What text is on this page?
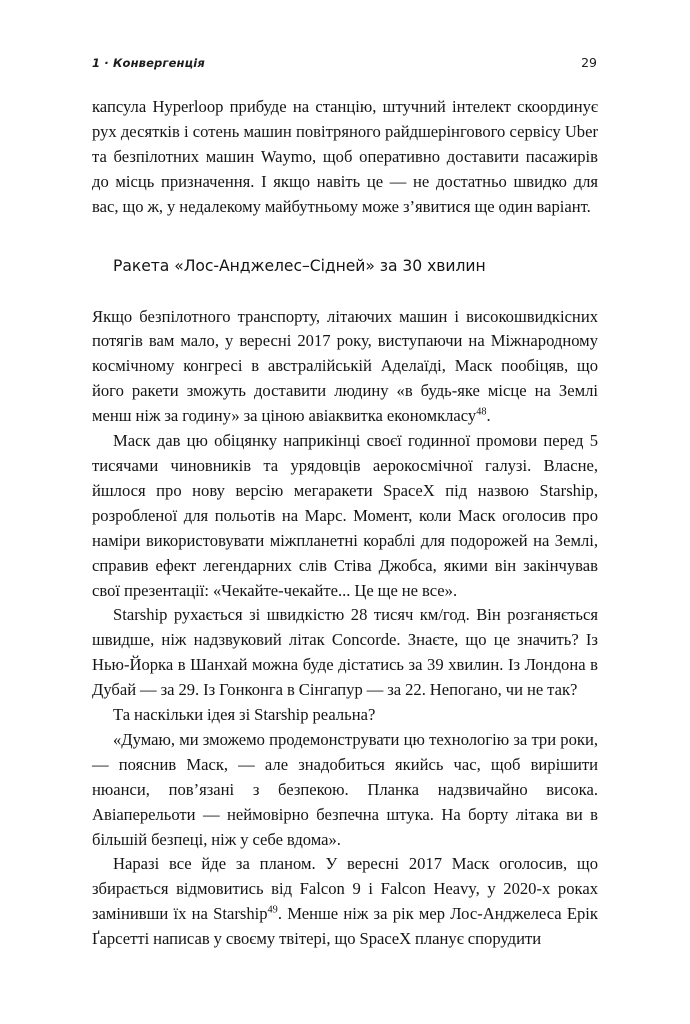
1 · Конвергенція	29

капсула Hyperloop прибуде на станцію, штучний інтелект скоординує рух десятків і сотень машин повітряного райдшерінгового сервісу Uber та безпілотних машин Waymo, щоб оперативно доставити пасажирів до місць призначення. І якщо навіть це — не достатньо швидко для вас, що ж, у недалекому майбутньому може з’явитися ще один варіант.

Ракета «Лос-Анджелес–Сідней» за 30 хвилин

Якщо безпілотного транспорту, літаючих машин і високошвидкісних потягів вам мало, у вересні 2017 року, виступаючи на Міжнародному космічному конгресі в австралійській Аделаїді, Маск пообіцяв, що його ракети зможуть доставити людину «в будь-яке місце на Землі менш ніж за годину» за ціною авіаквитка економкласу$^{48}$.

Маск дав цю обіцянку наприкінці своєї годинної промови перед 5 тисячами чиновників та урядовців аерокосмічної галузі. Власне, йшлося про нову версію мегаракети SpaceX під назвою Starship, розробленої для польотів на Марс. Момент, коли Маск оголосив про наміри використовувати міжпланетні кораблі для подорожей на Землі, справив ефект легендарних слів Стіва Джобса, якими він закінчував свої презентації: «Чекайте-чекайте... Це ще не все».

Starship рухається зі швидкістю 28 тисяч км/год. Він розганяється швидше, ніж надзвуковий літак Concorde. Знаєте, що це значить? Із Нью-Йорка в Шанхай можна буде дістатись за 39 хвилин. Із Лондона в Дубай — за 29. Із Гонконга в Сінгапур — за 22. Непогано, чи не так?

Та наскільки ідея зі Starship реальна?

«Думаю, ми зможемо продемонструвати цю технологію за три роки, — пояснив Маск, — але знадобиться якийсь час, щоб вирішити нюанси, пов’язані з безпекою. Планка надзвичайно висока. Авіаперельоти — неймовірно безпечна штука. На борту літака ви в більшій безпеці, ніж у себе вдома».

Наразі все йде за планом. У вересні 2017 Маск оголосив, що збирається відмовитись від Falcon 9 і Falcon Heavy, у 2020-х роках замінивши їх на Starship$^{49}$. Менше ніж за рік мер Лос-Анджелеса Ерік Ґарсетті написав у своєму твітері, що SpaceX планує спорудити
